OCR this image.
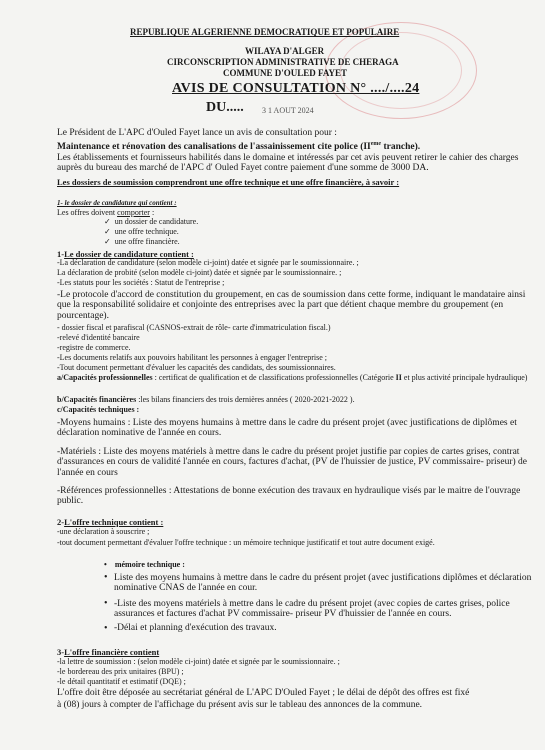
REPUBLIQUE ALGERIENNE DEMOCRATIQUE ET POPULAIRE
WILAYA D'ALGER
CIRCONSCRIPTION ADMINISTRATIVE DE CHERAGA
COMMUNE D'OULED FAYET
AVIS DE CONSULTATION N° ..../....24
DU..... 3 1 AOUT 2024
Le Président de L'APC d'Ouled Fayet lance un avis de consultation pour :
Maintenance et rénovation des canalisations de l'assainissement cite police (IIeme tranche).
Les établissements et fournisseurs habilités dans le domaine et intéressés par cet avis peuvent retirer le cahier des charges auprès du bureau des marché de l'APC d' Ouled Fayet contre paiement d'une somme de 3000 DA.
Les dossiers de soumission comprendront une offre technique et une offre financière, à savoir :
1- le dossier de candidature qui contient :
Les offres doivent comporter :
✓  un dossier de candidature.
✓  une offre technique.
✓  une offre financière.
1-Le dossier de candidature contient :
-La déclaration de candidature (selon modèle ci-joint) datée et signée par le soumissionnaire. ;
La déclaration de probité (selon modèle ci-joint) datée et signée par le soumissionnaire. ;
-Les statuts pour les sociétés : Statut de l'entreprise ;
-Le protocole d'accord de constitution du groupement, en cas de soumission dans cette forme, indiquant le mandataire ainsi que la responsabilité solidaire et conjointe des entreprises avec la part que détient chaque membre du groupement (en pourcentage).
- dossier fiscal et parafiscal (CASNOS-extrait de rôle- carte d'immatriculation fiscal.)
-relevé d'identité bancaire
-registre de commerce.
-Les documents relatifs aux pouvoirs habilitant les personnes à engager l'entreprise ;
-Tout document permettant d'évaluer les capacités des candidats, des soumissionnaires.
a/Capacités professionnelles : certificat de qualification et de classifications professionnelles (Catégorie II et plus activité principale hydraulique)
b/Capacités financières :les bilans financiers des trois dernières années ( 2020-2021-2022 ).
c/Capacités techniques :
-Moyens humains : Liste des moyens humains à mettre dans le cadre du présent projet (avec justifications de diplômes et déclaration nominative de l'année en cours.
-Matériels : Liste des moyens matériels à mettre dans le cadre du présent projet justifie par copies de cartes grises, contrat d'assurances en cours de validité l'année en cours, factures d'achat, (PV de l'huissier de justice, PV commissaire- priseur) de l'année en cours
-Références professionnelles : Attestations de bonne exécution des travaux en hydraulique visés par le maitre de l'ouvrage public.
2-L'offre technique contient :
-une déclaration à souscrire ;
-tout document permettant d'évaluer l'offre technique : un mémoire technique justificatif et tout autre document exigé.
•    mémoire technique :
• Liste des moyens humains à mettre dans le cadre du présent projet (avec justifications diplômes et déclaration nominative CNAS de l'année en cour.
• -Liste des moyens matériels à mettre dans le cadre du présent projet (avec copies de cartes grises, police assurances et factures d'achat PV commissaire- priseur PV d'huissier de l'année en cours.
• -Délai et planning d'exécution des travaux.
3-L'offre financière contient
-la lettre de soumission : (selon modèle ci-joint) datée et signée par le soumissionnaire. ;
-le bordereau des prix unitaires (BPU) ;
-le détail quantitatif et estimatif (DQE) ;
L'offre doit être déposée au secrétariat général de L'APC D'Ouled Fayet ; le délai de dépôt des offres est fixé
à (08) jours à compter de l'affichage du présent avis sur le tableau des annonces de la commune.
